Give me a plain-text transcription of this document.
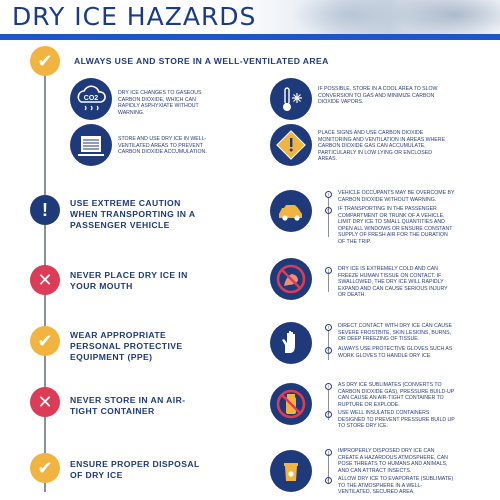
DRY ICE HAZARDS
✔	ALWAYS USE AND STORE IN A WELL-VENTILATED AREA
CO2
DRY ICE CHANGES TO GASEOUS CARBON DIOXIDE, WHICH CAN RAPIDLY ASPHYXIATE WITHOUT WARNING.
IF POSSIBLE, STORE IN A COOL AREA TO SLOW CONVERSION TO GAS AND MINIMIZE CARBON DIOXIDE VAPORS.
STORE AND USE DRY ICE IN WELL-VENTILATED AREAS TO PREVENT CARBON DIOXIDE ACCUMULATION.
PLACE SIGNS AND USE CARBON DIOXIDE MONITORING AND VENTILATION IN AREAS WHERE CARBON DIOXIDE GAS CAN ACCUMULATE, PARTICULARLY IN LOW LYING OR ENCLOSED AREAS.
!	USE EXTREME CAUTION WHEN TRANSPORTING IN A PASSENGER VEHICLE
!	VEHICLE OCCUPANTS MAY BE OVERCOME BY CARBON DIOXIDE WITHOUT WARNING.
✓	IF TRANSPORTING IN THE PASSENGER COMPARTMENT OR TRUNK OF A VEHICLE, LIMIT DRY ICE TO SMALL QUANTITIES AND OPEN ALL WINDOWS OR ENSURE CONSTANT SUPPLY OF FRESH AIR FOR THE DURATION OF THE TRIP.
✕	NEVER PLACE DRY ICE IN YOUR MOUTH
!	DRY ICE IS EXTREMELY COLD AND CAN FREEZE HUMAN TISSUE ON CONTACT. IF SWALLOWED, THE DRY ICE WILL RAPIDLY EXPAND AND CAN CAUSE SERIOUS INJURY OR DEATH.
✔	WEAR APPROPRIATE PERSONAL PROTECTIVE EQUIPMENT (PPE)
!	DIRECT CONTACT WITH DRY ICE CAN CAUSE SEVERE FROSTBITE, SKIN LESIONS, BURNS, OR DEEP FREEZING OF TISSUE.
✓	ALWAYS USE PROTECTIVE GLOVES SUCH AS WORK GLOVES TO HANDLE DRY ICE.
✕	NEVER STORE IN AN AIR-TIGHT CONTAINER
!	AS DRY ICE SUBLIMATES (CONVERTS TO CARBON DIOXIDE GAS), PRESSURE BUILD-UP CAN CAUSE AN AIR-TIGHT CONTAINER TO RUPTURE OR EXPLODE.
✓	USE WELL INSULATED CONTAINERS DESIGNED TO PREVENT PRESSURE BUILD UP TO STORE DRY ICE.
✔	ENSURE PROPER DISPOSAL OF DRY ICE
!	IMPROPERLY DISPOSED DRY ICE CAN CREATE A HAZARDOUS ATMOSPHERE, CAN POSE THREATS TO HUMANS AND ANIMALS, AND CAN ATTRACT INSECTS.
✓	ALLOW DRY ICE TO EVAPORATE (SUBLIMATE) TO THE ATMOSPHERE IN A WELL-VENTILATED, SECURED AREA.
